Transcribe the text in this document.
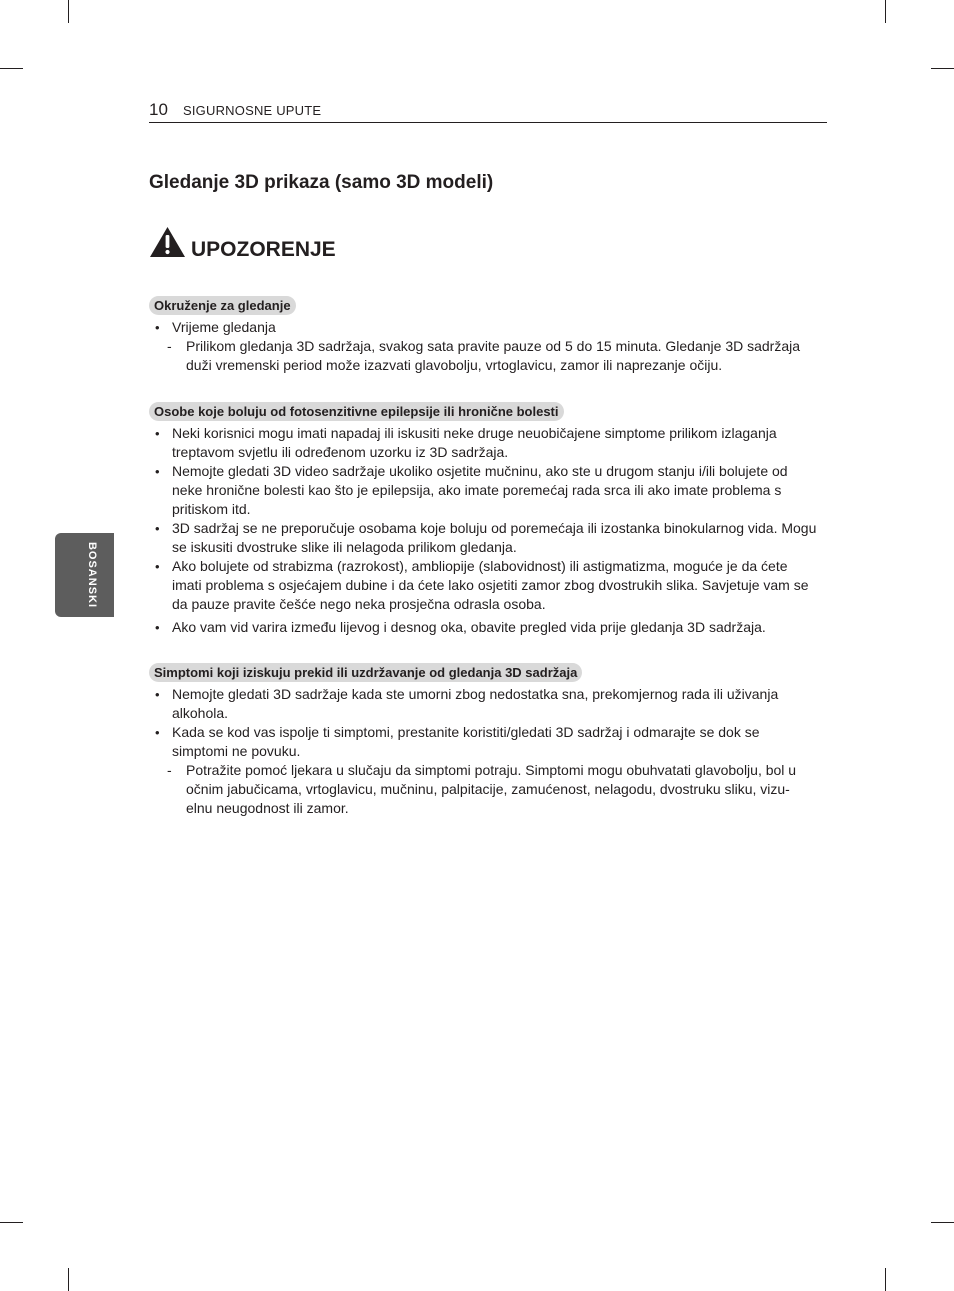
10 SIGURNOSNE UPUTE
BOSANSKI
Gledanje 3D prikaza (samo 3D modeli)
UPOZORENJE
Okruženje za gledanje
• Vrijeme gledanja
- Prilikom gledanja 3D sadržaja, svakog sata pravite pauze od 5 do 15 minuta. Gledanje 3D sadržaja
duži vremenski period može izazvati glavobolju, vrtoglavicu, zamor ili naprezanje očiju.
Osobe koje boluju od fotosenzitivne epilepsije ili hronične bolesti
• Neki korisnici mogu imati napadaj ili iskusiti neke druge neuobičajene simptome prilikom izlaganja
treptavom svjetlu ili određenom uzorku iz 3D sadržaja.
• Nemojte gledati 3D video sadržaje ukoliko osjetite mučninu, ako ste u drugom stanju i/ili bolujete od
neke hronične bolesti kao što je epilepsija, ako imate poremećaj rada srca ili ako imate problema s
pritiskom itd.
• 3D sadržaj se ne preporučuje osobama koje boluju od poremećaja ili izostanka binokularnog vida. Mogu
se iskusiti dvostruke slike ili nelagoda prilikom gledanja.
• Ako bolujete od strabizma (razrokost), ambliopije (slabovidnost) ili astigmatizma, moguće je da ćete
imati problema s osjećajem dubine i da ćete lako osjetiti zamor zbog dvostrukih slika. Savjetuje vam se
da pauze pravite češće nego neka prosječna odrasla osoba.
• Ako vam vid varira između lijevog i desnog oka, obavite pregled vida prije gledanja 3D sadržaja.
Simptomi koji iziskuju prekid ili uzdržavanje od gledanja 3D sadržaja
• Nemojte gledati 3D sadržaje kada ste umorni zbog nedostatka sna, prekomjernog rada ili uživanja
alkohola.
• Kada se kod vas ispolje ti simptomi, prestanite koristiti/gledati 3D sadržaj i odmarajte se dok se
simptomi ne povuku.
- Potražite pomoć ljekara u slučaju da simptomi potraju. Simptomi mogu obuhvatati glavobolju, bol u
očnim jabučicama, vrtoglavicu, mučninu, palpitacije, zamućenost, nelagodu, dvostruku sliku, vizu-
elnu neugodnost ili zamor.
